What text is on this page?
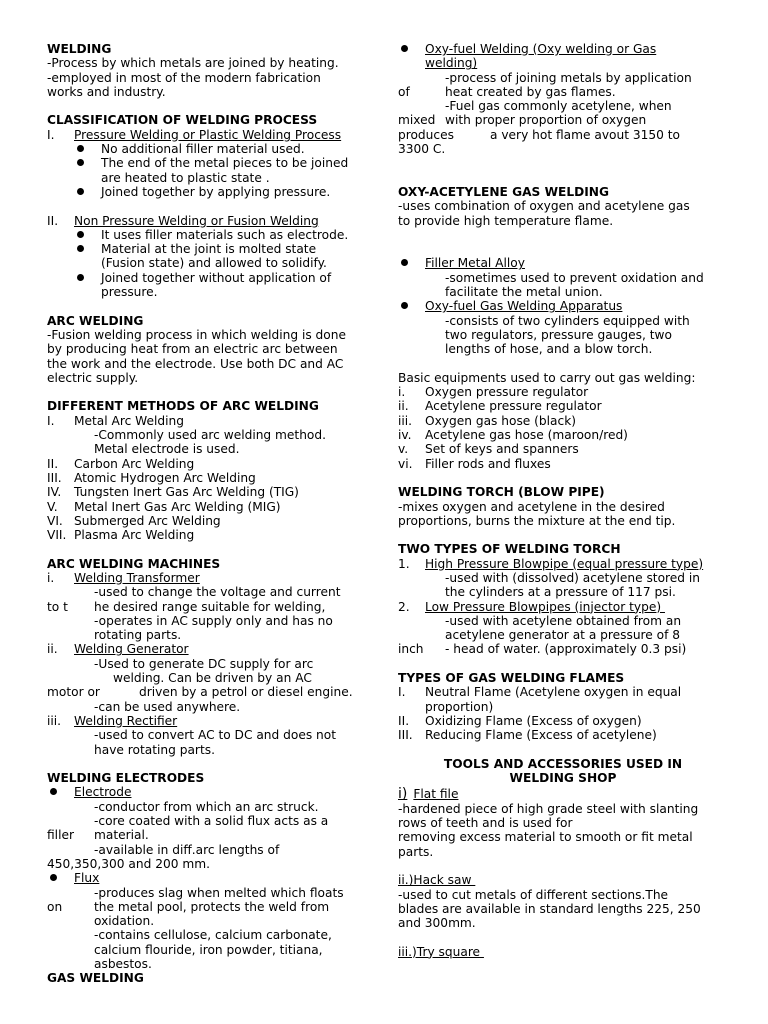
WELDING
-Process by which metals are joined by heating.
-employed in most of the modern fabrication
works and industry.
CLASSIFICATION OF WELDING PROCESS
I.	Pressure Welding or Plastic Welding Process
No additional filler material used.
The end of the metal pieces to be joined
are heated to plastic state .
Joined together by applying pressure.
II.	Non Pressure Welding or Fusion Welding
It uses filler materials such as electrode.
Material at the joint is molted state
(Fusion state) and allowed to solidify.
Joined together without application of
pressure.
ARC WELDING
-Fusion welding process in which welding is done
by producing heat from an electric arc between
the work and the electrode. Use both DC and AC
electric supply.
DIFFERENT METHODS OF ARC WELDING
I.	Metal Arc Welding
-Commonly used arc welding method.
Metal electrode is used.
II.	Carbon Arc Welding
III.	Atomic Hydrogen Arc Welding
IV.	Tungsten Inert Gas Arc Welding (TIG)
V.	Metal Inert Gas Arc Welding (MIG)
VI. Submerged Arc Welding
VII. Plasma Arc Welding
ARC WELDING MACHINES
i.	Welding Transformer
-used to change the voltage and current
to t	he desired range suitable for welding,
-operates in AC supply only and has no
rotating parts.
ii.	Welding Generator
-Used to generate DC supply for arc
welding. Can be driven by an AC
motor or	driven by a petrol or diesel engine.
-can be used anywhere.
iii.	Welding Rectifier
-used to convert AC to DC and does not
have rotating parts.
WELDING ELECTRODES
Electrode
-conductor from which an arc struck.
-core coated with a solid flux acts as a
filler	material.
-available in diff.arc lengths of
450,350,300 and 200 mm.
Flux
-produces slag when melted which floats
on	the metal pool, protects the weld from
oxidation.
-contains cellulose, calcium carbonate,
calcium flouride, iron powder, titiana,
asbestos.
GAS WELDING
Oxy-fuel Welding (Oxy welding or Gas
welding)
-process of joining metals by application
of	heat created by gas flames.
-Fuel gas commonly acetylene, when
mixed with proper proportion of oxygen
produces	a very hot flame avout 3150 to
3300 C.
OXY-ACETYLENE GAS WELDING
-uses combination of oxygen and acetylene gas
to provide high temperature flame.
Filler Metal Alloy
-sometimes used to prevent oxidation and
facilitate the metal union.
Oxy-fuel Gas Welding Apparatus
-consists of two cylinders equipped with
two regulators, pressure gauges, two
lengths of hose, and a blow torch.
Basic equipments used to carry out gas welding:
i.	Oxygen pressure regulator
ii.	Acetylene pressure regulator
iii.	Oxygen gas hose (black)
iv.	Acetylene gas hose (maroon/red)
v.	Set of keys and spanners
vi.	Filler rods and fluxes
WELDING TORCH (BLOW PIPE)
-mixes oxygen and acetylene in the desired
proportions, burns the mixture at the end tip.
TWO TYPES OF WELDING TORCH
1.	High Pressure Blowpipe (equal pressure type)
-used with (dissolved) acetylene stored in
the cylinders at a pressure of 117 psi.
2.	Low Pressure Blowpipes (injector type)
-used with acetylene obtained from an
acetylene generator at a pressure of 8
inch	- head of water. (approximately 0.3 psi)
TYPES OF GAS WELDING FLAMES
I.	Neutral Flame (Acetylene oxygen in equal
proportion)
II.	Oxidizing Flame (Excess of oxygen)
III.	Reducing Flame (Excess of acetylene)
TOOLS AND ACCESSORIES USED IN
WELDING SHOP
i) Flat file
-hardened piece of high grade steel with slanting
rows of teeth and is used for
removing excess material to smooth or fit metal
parts.
ii.)Hack saw
-used to cut metals of different sections.The
blades are available in standard lengths 225, 250
and 300mm.
iii.)Try square
